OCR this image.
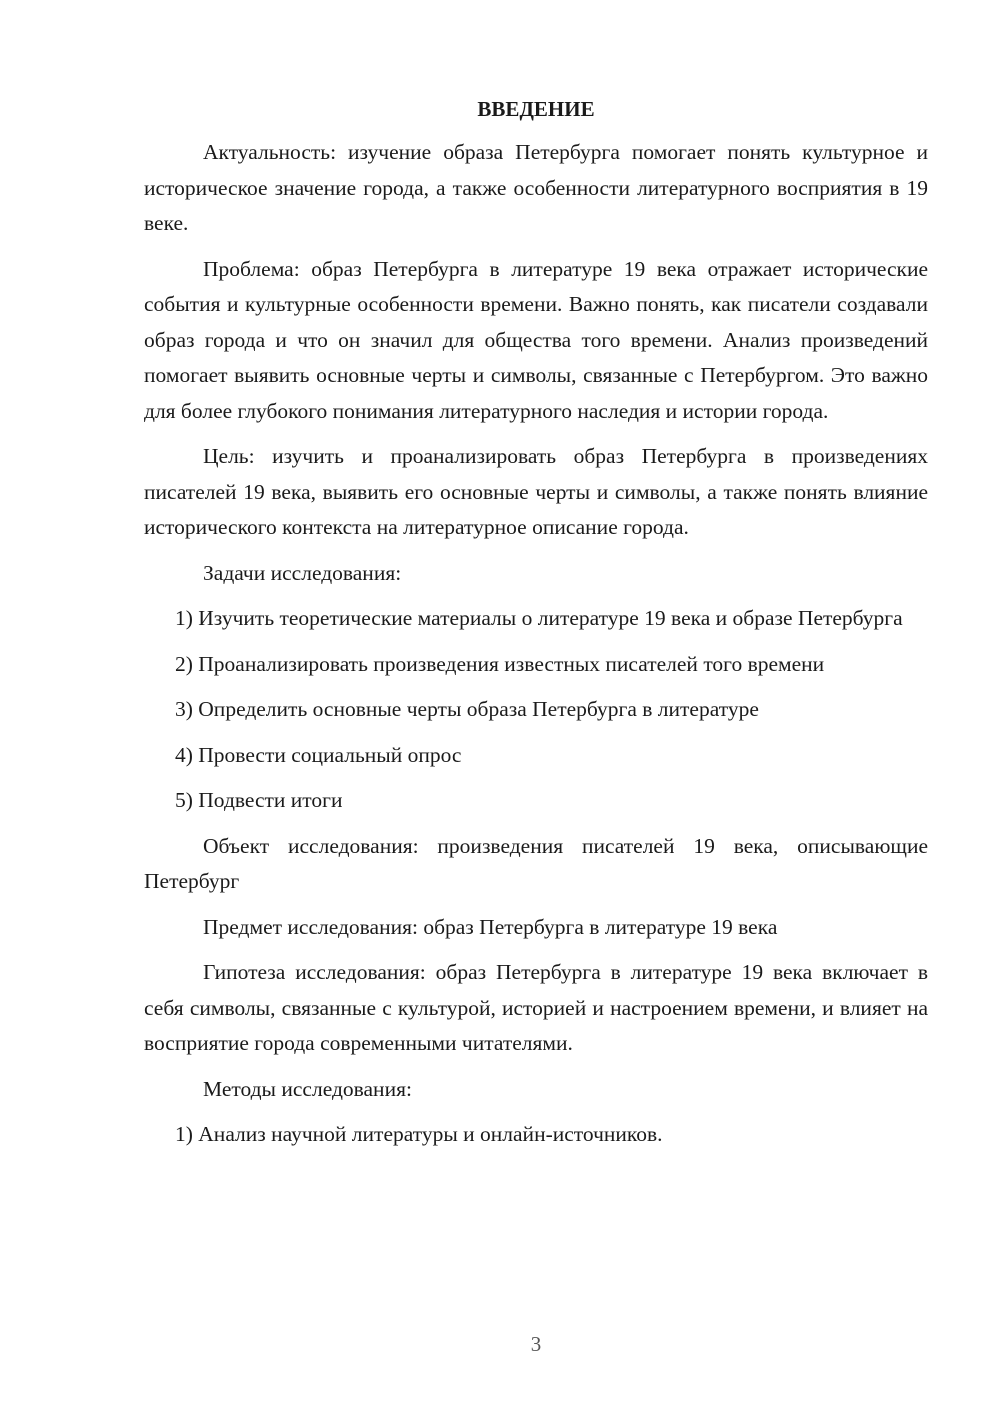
ВВЕДЕНИЕ

Актуальность: изучение образа Петербурга помогает понять культурное и историческое значение города, а также особенности литературного восприятия в 19 веке.

Проблема: образ Петербурга в литературе 19 века отражает исторические события и культурные особенности времени. Важно понять, как писатели создавали образ города и что он значил для общества того времени. Анализ произведений помогает выявить основные черты и символы, связанные с Петербургом. Это важно для более глубокого понимания литературного наследия и истории города.

Цель: изучить и проанализировать образ Петербурга в произведениях писателей 19 века, выявить его основные черты и символы, а также понять влияние исторического контекста на литературное описание города.

Задачи исследования:

1) Изучить теоретические материалы о литературе 19 века и образе Петербурга

2) Проанализировать произведения известных писателей того времени

3) Определить основные черты образа Петербурга в литературе

4) Провести социальный опрос

5) Подвести итоги

Объект исследования: произведения писателей 19 века, описывающие Петербург

Предмет исследования: образ Петербурга в литературе 19 века

Гипотеза исследования: образ Петербурга в литературе 19 века включает в себя символы, связанные с культурой, историей и настроением времени, и влияет на восприятие города современными читателями.

Методы исследования:

1) Анализ научной литературы и онлайн-источников.

3
